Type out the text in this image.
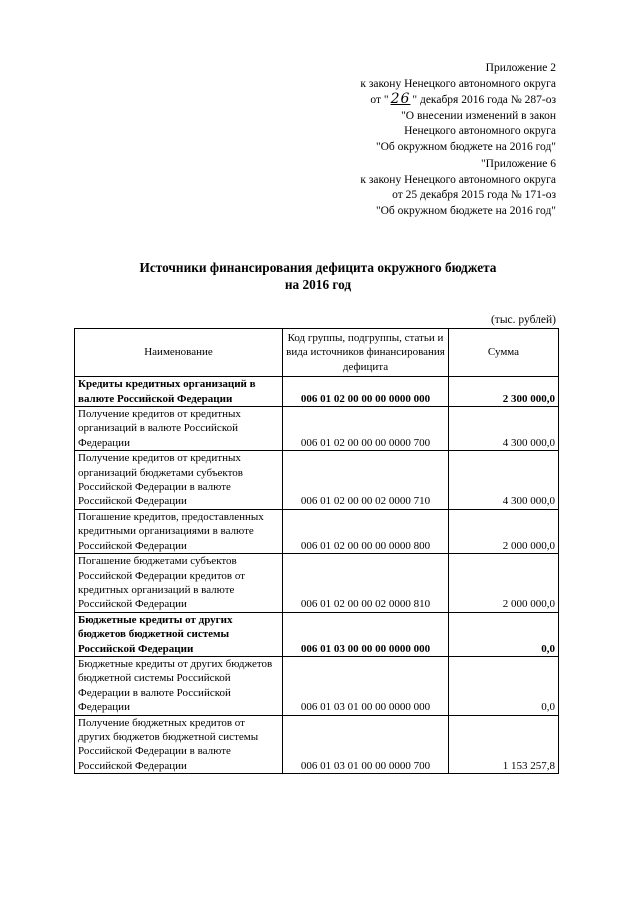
Приложение 2
к закону Ненецкого автономного округа
от " 26 " декабря 2016 года № 287-оз
"О внесении изменений в закон
Ненецкого автономного округа
"Об окружном бюджете на 2016 год"
"Приложение 6
к закону Ненецкого автономного округа
от 25 декабря 2015 года № 171-оз
"Об окружном бюджете на 2016 год"
Источники финансирования дефицита окружного бюджета
на 2016 год
(тыс. рублей)
Наименование	Код группы, подгруппы, статьи и вида источников финансирования дефицита	Сумма
Кредиты кредитных организаций в валюте Российской Федерации	006 01 02 00 00 00 0000 000	2 300 000,0
Получение кредитов от кредитных организаций в валюте Российской Федерации	006 01 02 00 00 00 0000 700	4 300 000,0
Получение кредитов от кредитных организаций бюджетами субъектов Российской Федерации в валюте Российской Федерации	006 01 02 00 00 02 0000 710	4 300 000,0
Погашение кредитов, предоставленных кредитными организациями в валюте Российской Федерации	006 01 02 00 00 00 0000 800	2 000 000,0
Погашение бюджетами субъектов Российской Федерации кредитов от кредитных организаций в валюте Российской Федерации	006 01 02 00 00 02 0000 810	2 000 000,0
Бюджетные кредиты от других бюджетов бюджетной системы Российской Федерации	006 01 03 00 00 00 0000 000	0,0
Бюджетные кредиты от других бюджетов бюджетной системы Российской Федерации в валюте Российской Федерации	006 01 03 01 00 00 0000 000	0,0
Получение бюджетных кредитов от других бюджетов бюджетной системы Российской Федерации в валюте Российской Федерации	006 01 03 01 00 00 0000 700	1 153 257,8
